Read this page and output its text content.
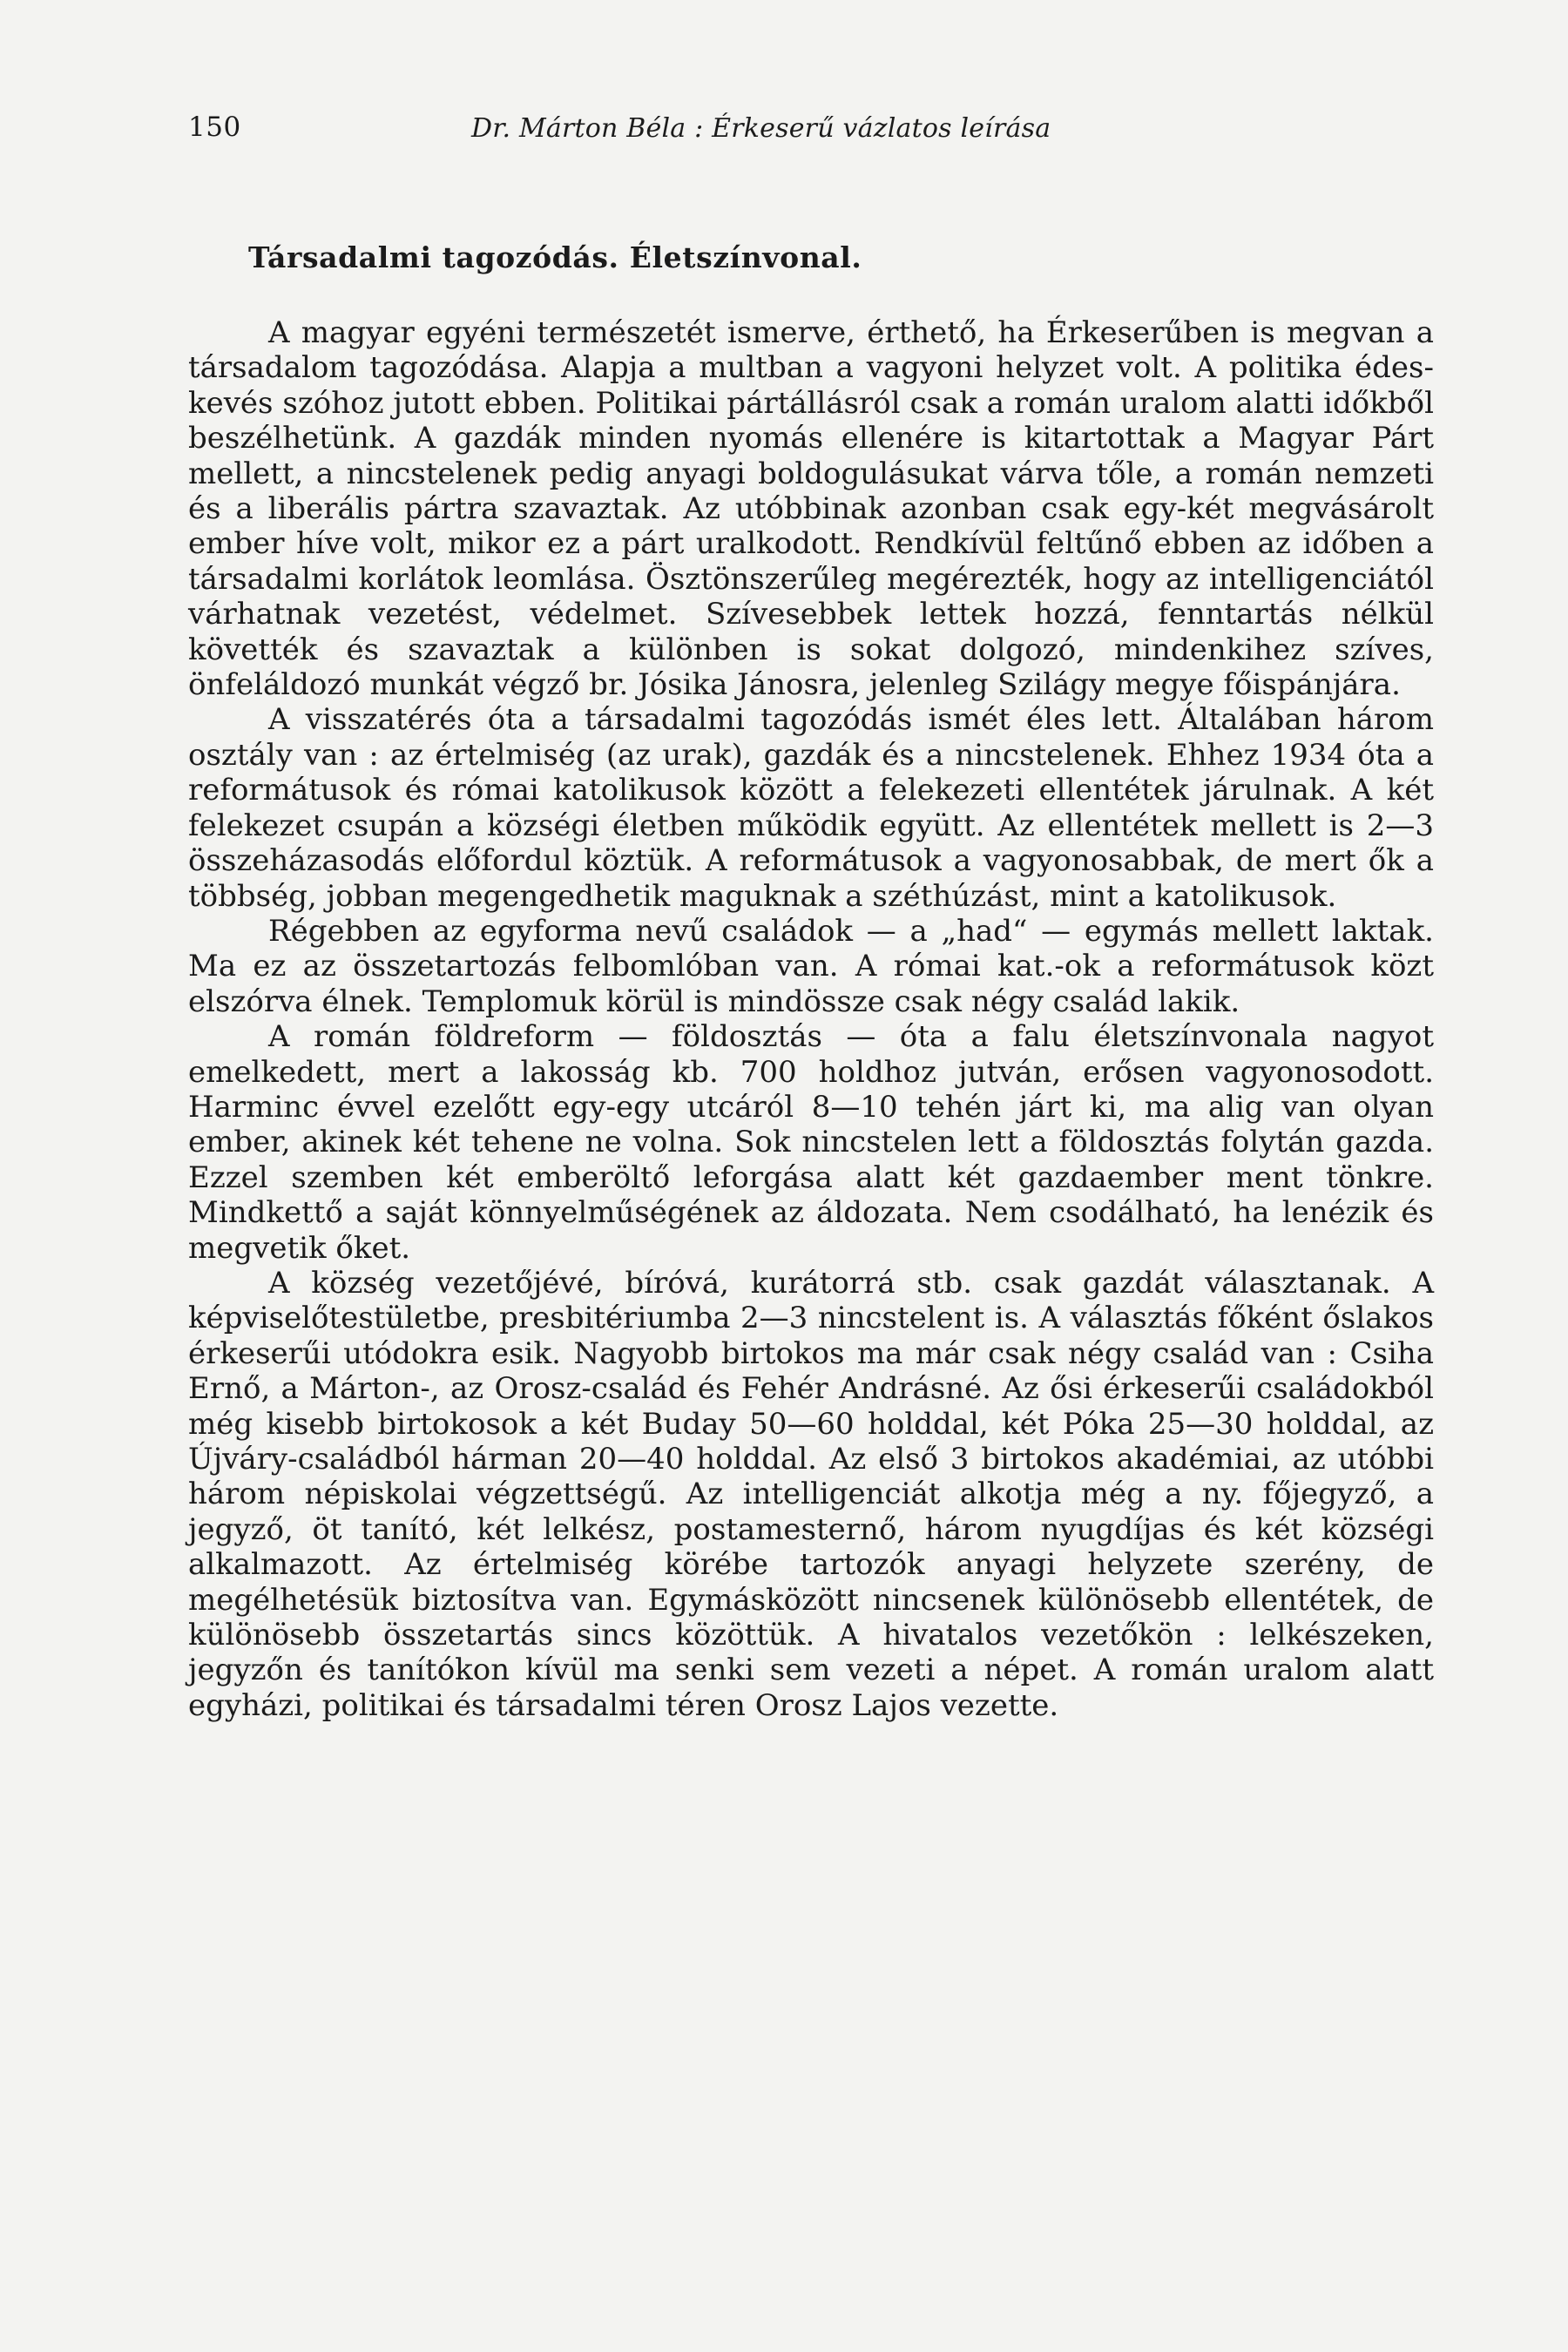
150	Dr. Márton Béla : Érkeserű vázlatos leírása
Társadalmi tagozódás. Életszínvonal.

A magyar egyéni természetét ismerve, érthető, ha Érkeserűben is megvan a társadalom tagozódása. Alapja a multban a vagyoni helyzet volt. A politika édes-kevés szóhoz jutott ebben. Politikai pártállásról csak a román uralom alatti időkből beszélhetünk. A gazdák minden nyomás ellenére is kitartottak a Magyar Párt mellett, a nincstelenek pedig anyagi boldogulásukat várva tőle, a román nemzeti és a liberális pártra szavaztak. Az utóbbinak azonban csak egy-két megvásárolt ember híve volt, mikor ez a párt uralkodott. Rendkívül feltűnő ebben az időben a társadalmi korlátok leomlása. Ösztönszerűleg megérezték, hogy az intelligenciától várhatnak vezetést, védelmet. Szívesebbek lettek hozzá, fenntartás nélkül követték és szavaztak a különben is sokat dolgozó, mindenkihez szíves, önfeláldozó munkát végző br. Jósika Jánosra, jelenleg Szilágy megye főispánjára.

A visszatérés óta a társadalmi tagozódás ismét éles lett. Általában három osztály van : az értelmiség (az urak), gazdák és a nincstelenek. Ehhez 1934 óta a reformátusok és római katolikusok között a felekezeti ellentétek járulnak. A két felekezet csupán a községi életben működik együtt. Az ellentétek mellett is 2—3 összeházasodás előfordul köztük. A reformátusok a vagyonosabbak, de mert ők a többség, jobban megengedhetik maguknak a széthúzást, mint a katolikusok.

Régebben az egyforma nevű családok — a „had“ — egymás mellett laktak. Ma ez az összetartozás felbomlóban van. A római kat.-ok a reformátusok közt elszórva élnek. Templomuk körül is mindössze csak négy család lakik.

A román földreform — földosztás — óta a falu életszínvonala nagyot emelkedett, mert a lakosság kb. 700 holdhoz jutván, erősen vagyonosodott. Harminc évvel ezelőtt egy-egy utcáról 8—10 tehén járt ki, ma alig van olyan ember, akinek két tehene ne volna. Sok nincstelen lett a földosztás folytán gazda. Ezzel szemben két emberöltő leforgása alatt két gazdaember ment tönkre. Mindkettő a saját könnyelműségének az áldozata. Nem csodálható, ha lenézik és megvetik őket.

A község vezetőjévé, bíróvá, kurátorrá stb. csak gazdát választanak. A képviselőtestületbe, presbitériumba 2—3 nincstelent is. A választás főként őslakos érkeserűi utódokra esik. Nagyobb birtokos ma már csak négy család van : Csiha Ernő, a Márton-, az Orosz-család és Fehér Andrásné. Az ősi érkeserűi családokból még kisebb birtokosok a két Buday 50—60 holddal, két Póka 25—30 holddal, az Újváry-családból hárman 20—40 holddal. Az első 3 birtokos akadémiai, az utóbbi három népiskolai végzettségű. Az intelligenciát alkotja még a ny. főjegyző, a jegyző, öt tanító, két lelkész, postamesternő, három nyugdíjas és két községi alkalmazott. Az értelmiség körébe tartozók anyagi helyzete szerény, de megélhetésük biztosítva van. Egymásközött nincsenek különösebb ellentétek, de különösebb összetartás sincs közöttük. A hivatalos vezetőkön : lelkészeken, jegyzőn és tanítókon kívül ma senki sem vezeti a népet. A román uralom alatt egyházi, politikai és társadalmi téren Orosz Lajos vezette.
